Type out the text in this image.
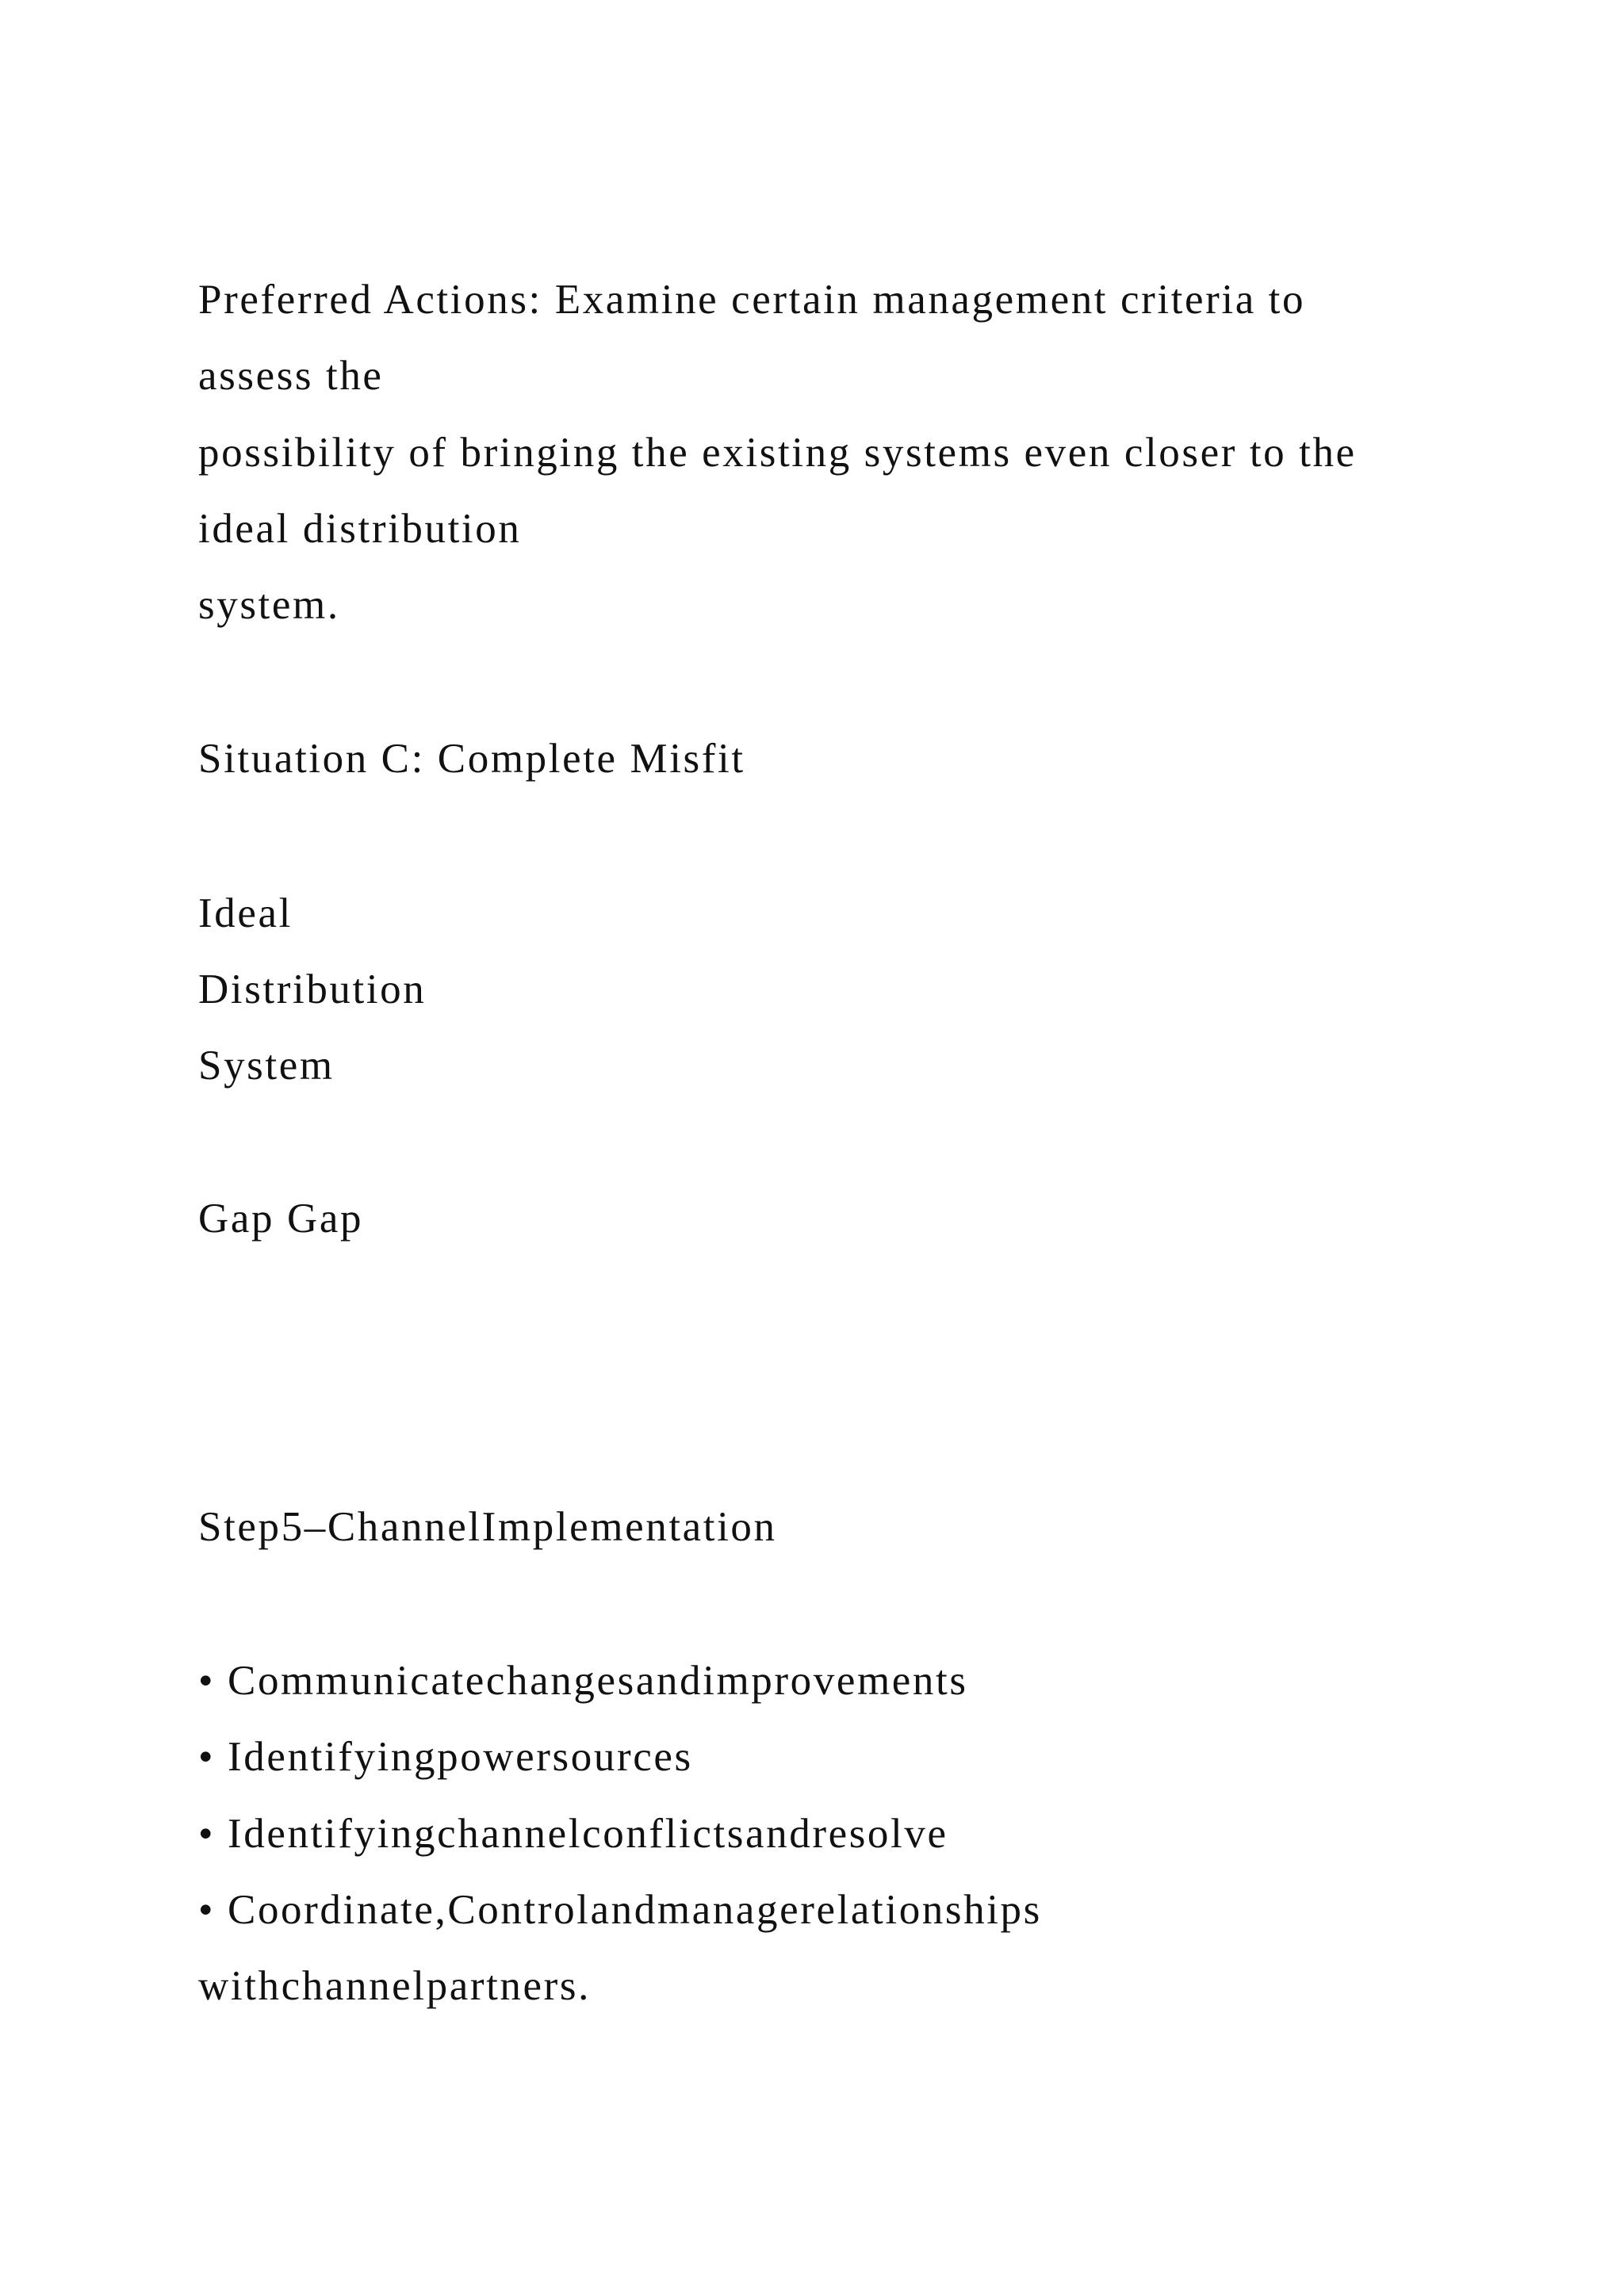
Preferred Actions: Examine certain management criteria to
assess the
possibility of bringing the existing systems even closer to the
ideal distribution
system.
Situation C: Complete Misfit
Ideal
Distribution
System
Gap Gap
Step5–ChannelImplementation
• Communicatechangesandimprovements
• Identifyingpowersources
• Identifyingchannelconflictsandresolve
• Coordinate,Controlandmanagerelationships
withchannelpartners.
